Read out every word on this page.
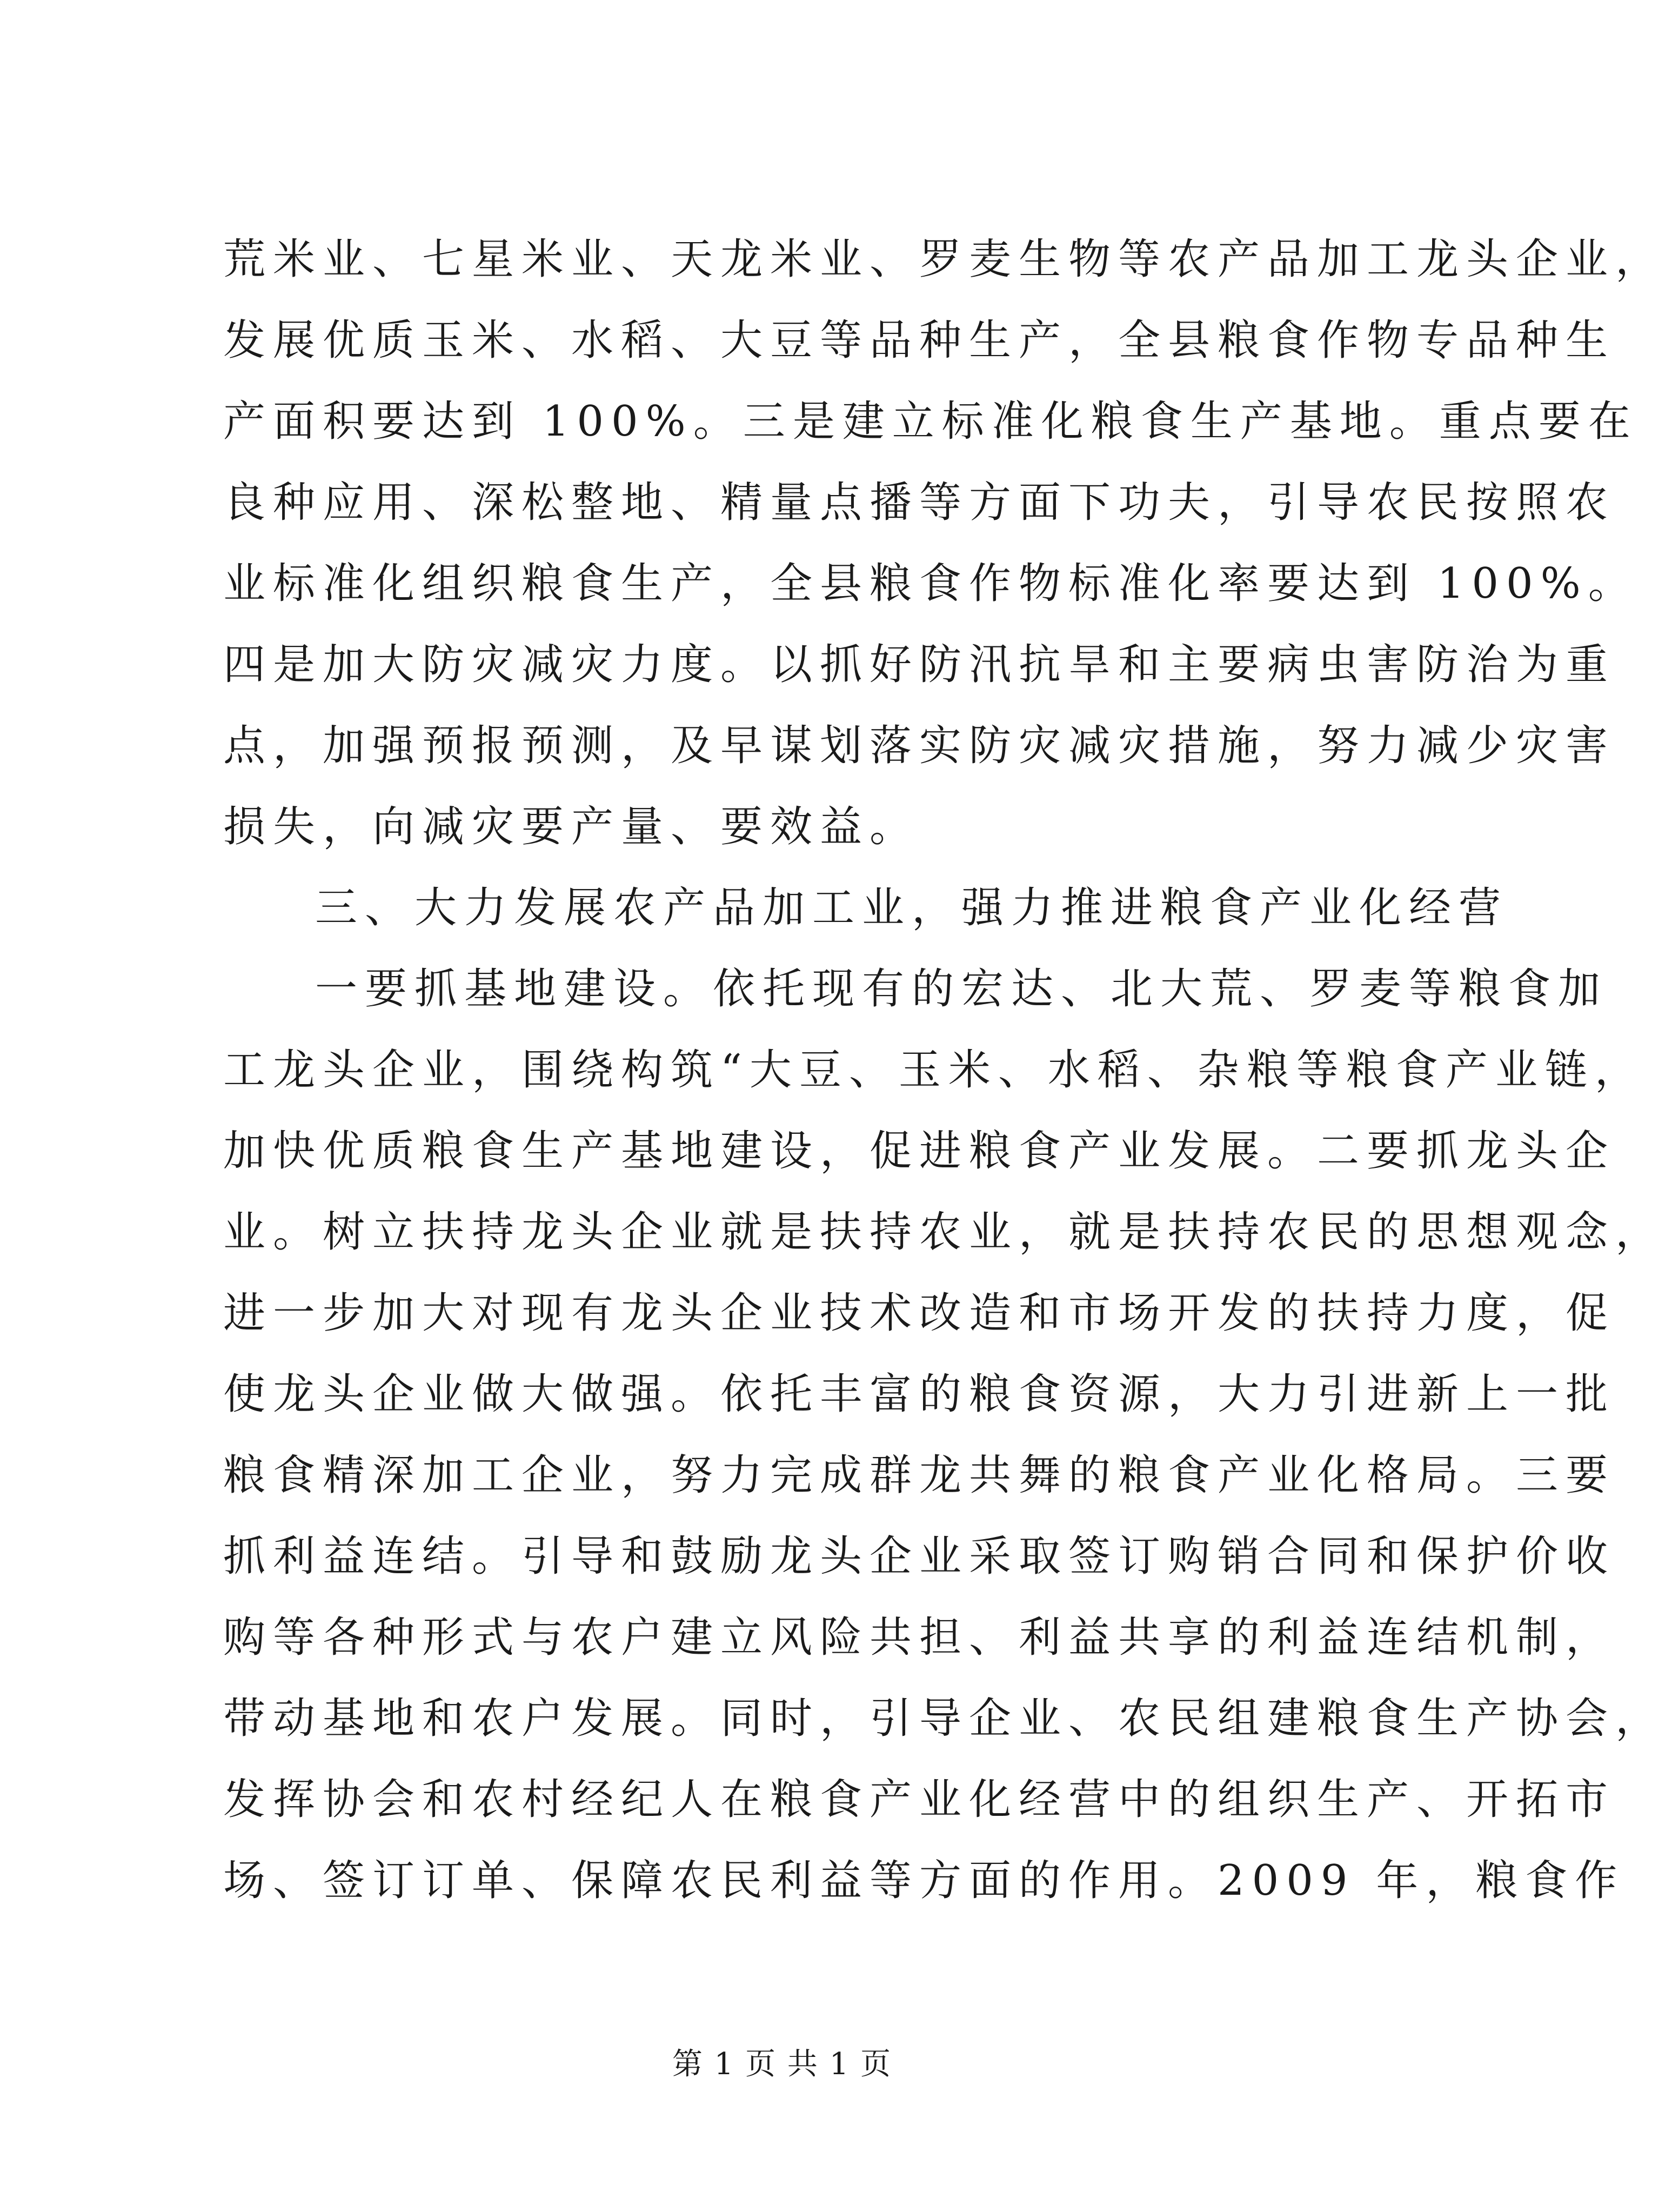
荒米业、七星米业、天龙米业、罗麦生物等农产品加工龙头企业，
发展优质玉米、水稻、大豆等品种生产，全县粮食作物专品种生
产面积要达到 100%。三是建立标准化粮食生产基地。重点要在
良种应用、深松整地、精量点播等方面下功夫，引导农民按照农
业标准化组织粮食生产，全县粮食作物标准化率要达到 100%。
四是加大防灾减灾力度。以抓好防汛抗旱和主要病虫害防治为重
点，加强预报预测，及早谋划落实防灾减灾措施，努力减少灾害
损失，向减灾要产量、要效益。
三、大力发展农产品加工业，强力推进粮食产业化经营
一要抓基地建设。依托现有的宏达、北大荒、罗麦等粮食加
工龙头企业，围绕构筑“大豆、玉米、水稻、杂粮等粮食产业链，
加快优质粮食生产基地建设，促进粮食产业发展。二要抓龙头企
业。树立扶持龙头企业就是扶持农业，就是扶持农民的思想观念，
进一步加大对现有龙头企业技术改造和市场开发的扶持力度，促
使龙头企业做大做强。依托丰富的粮食资源，大力引进新上一批
粮食精深加工企业，努力完成群龙共舞的粮食产业化格局。三要
抓利益连结。引导和鼓励龙头企业采取签订购销合同和保护价收
购等各种形式与农户建立风险共担、利益共享的利益连结机制，
带动基地和农户发展。同时，引导企业、农民组建粮食生产协会，
发挥协会和农村经纪人在粮食产业化经营中的组织生产、开拓市
场、签订订单、保障农民利益等方面的作用。2009 年，粮食作
第 1 页 共 1 页
